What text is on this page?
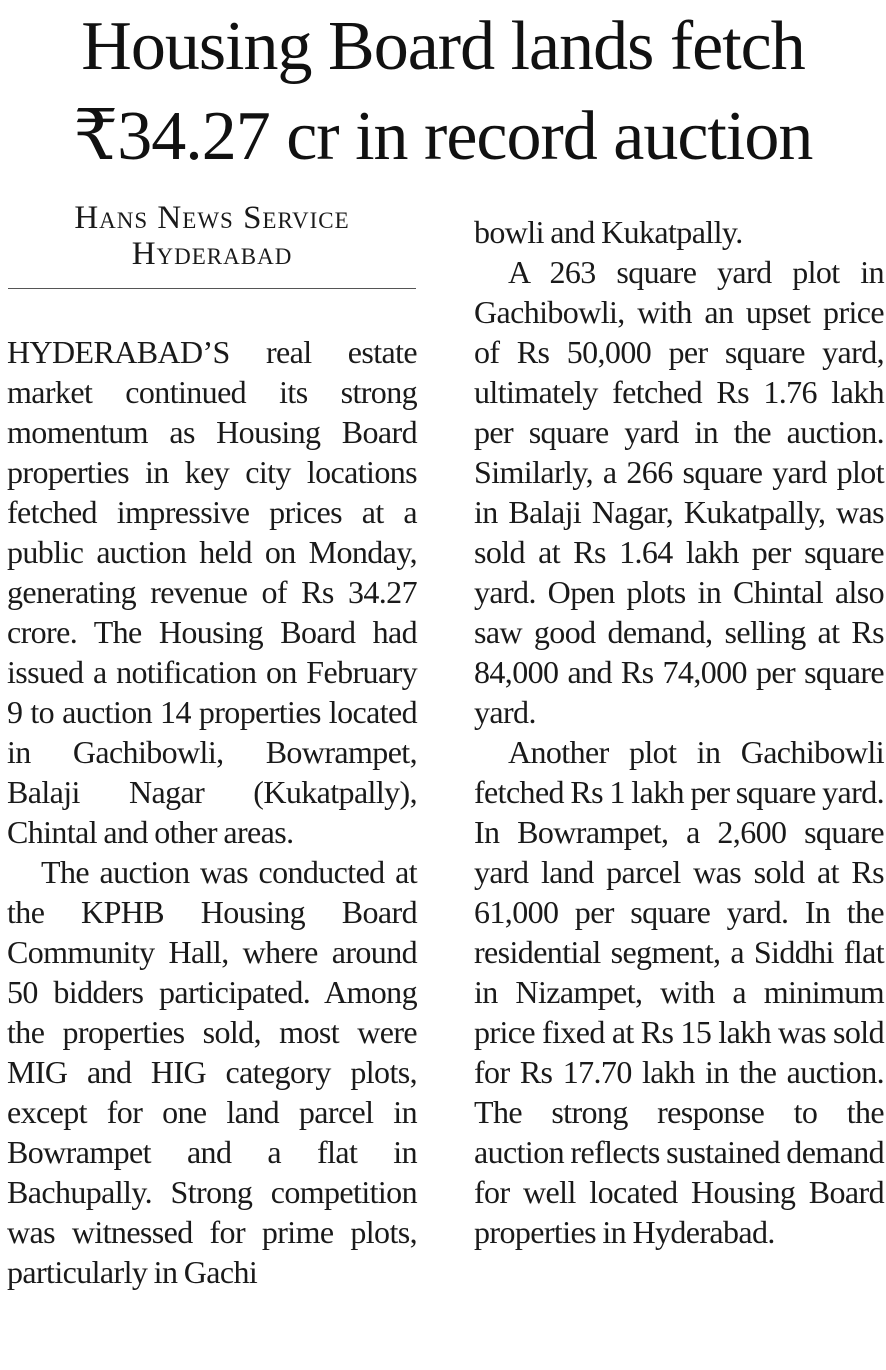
Housing Board lands fetch
₹34.27 cr in record auction
Hans News Service
Hyderabad

HYDERABAD’S real estate market continued its strong momentum as Housing Board properties in key city locations fetched impressive prices at a public auction held on Monday, generating revenue of Rs 34.27 crore. The Housing Board had issued a notification on February 9 to auction 14 properties located in Gachibowli, Bowrampet, Balaji Nagar (Kukatpally), Chintal and other areas.

The auction was conducted at the KPHB Housing Board Community Hall, where around 50 bidders participated. Among the properties sold, most were MIG and HIG category plots, except for one land parcel in Bowrampet and a flat in Bachupally. Strong competition was witnessed for prime plots, particularly in Gachi

bowli and Kukatpally.

A 263 square yard plot in Gachibowli, with an upset price of Rs 50,000 per square yard, ultimately fetched Rs 1.76 lakh per square yard in the auction. Similarly, a 266 square yard plot in Balaji Nagar, Kukatpally, was sold at Rs 1.64 lakh per square yard. Open plots in Chintal also saw good demand, selling at Rs 84,000 and Rs 74,000 per square yard.

Another plot in Gachibowli fetched Rs 1 lakh per square yard. In Bowrampet, a 2,600 square yard land parcel was sold at Rs 61,000 per square yard. In the residential segment, a Siddhi flat in Nizampet, with a minimum price fixed at Rs 15 lakh was sold for Rs 17.70 lakh in the auction. The strong response to the auction reflects sustained demand for well located Housing Board properties in Hyderabad.
